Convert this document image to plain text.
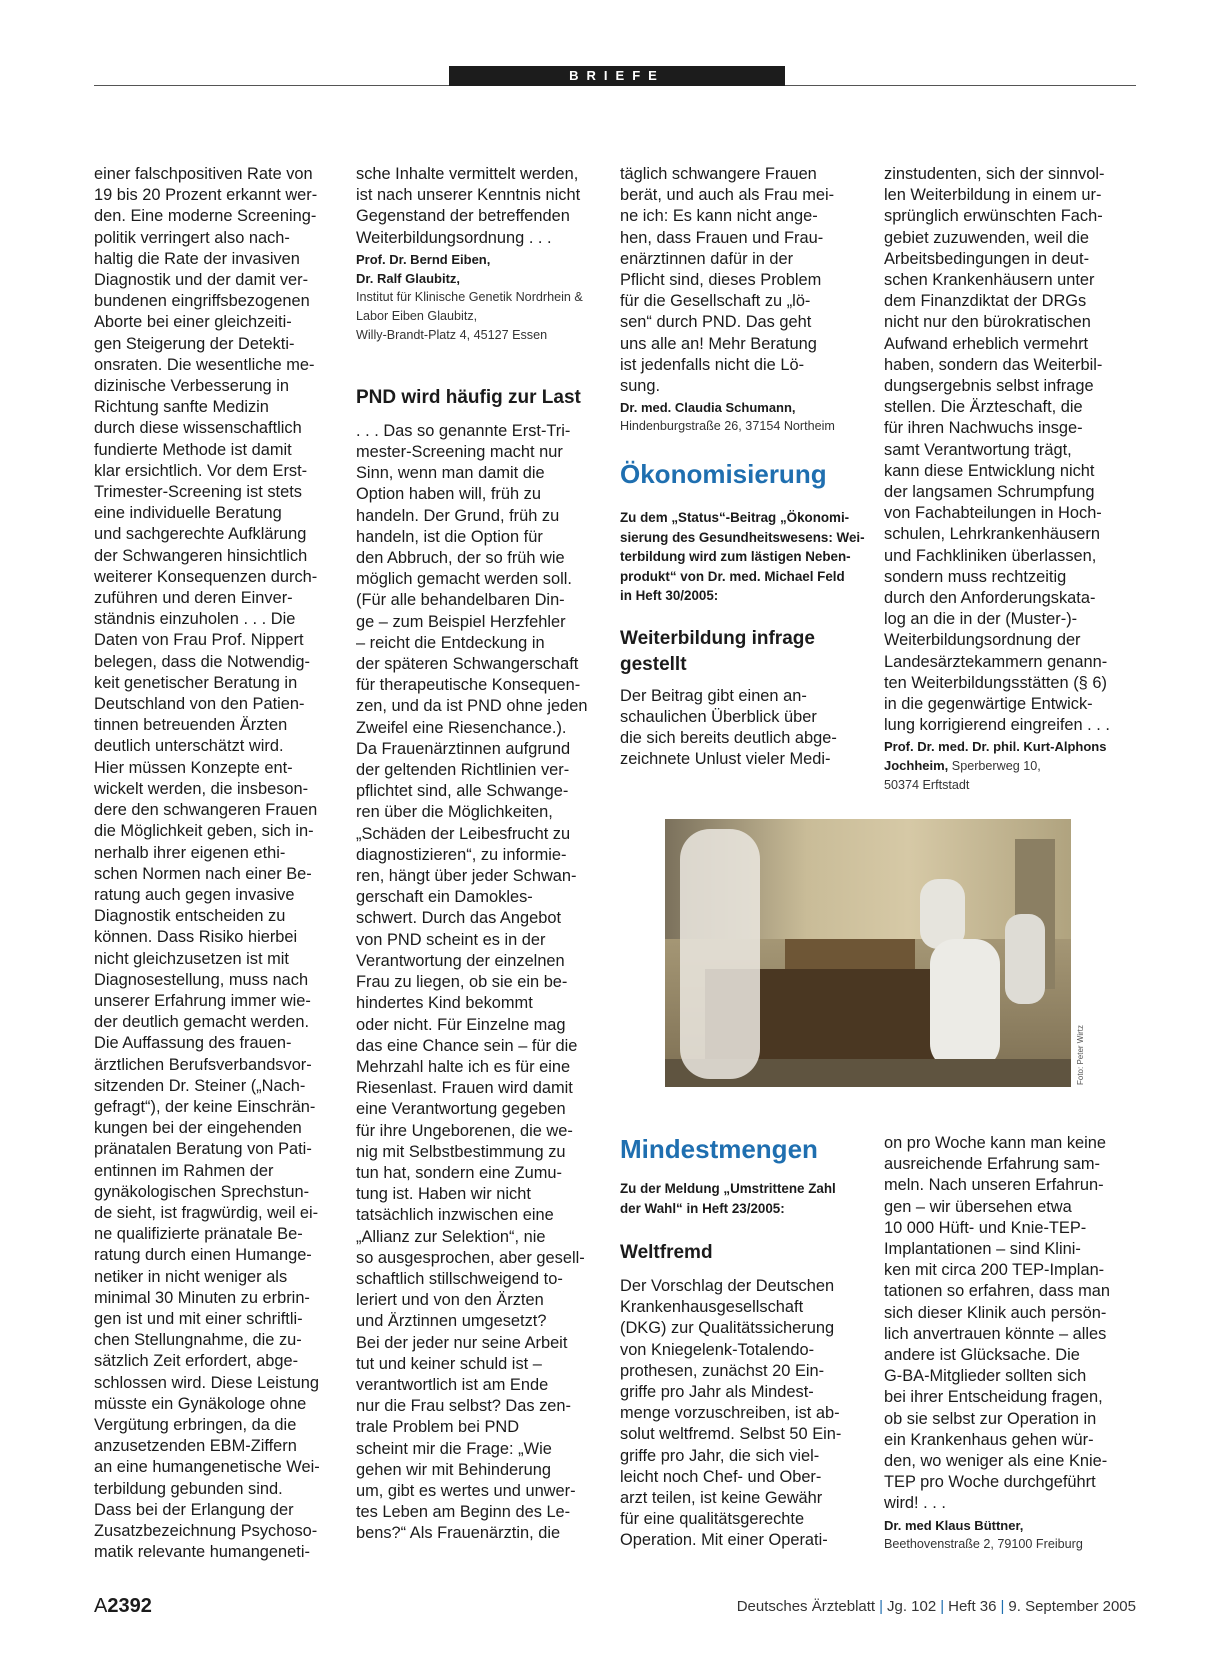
BRIEFE

einer falschpositiven Rate von
19 bis 20 Prozent erkannt wer-
den. Eine moderne Screening-
politik verringert also nach-
haltig die Rate der invasiven
Diagnostik und der damit ver-
bundenen eingriffsbezogenen
Aborte bei einer gleichzeiti-
gen Steigerung der Detekti-
onsraten. Die wesentliche me-
dizinische Verbesserung in
Richtung sanfte Medizin
durch diese wissenschaftlich
fundierte Methode ist damit
klar ersichtlich. Vor dem Erst-
Trimester-Screening ist stets
eine individuelle Beratung
und sachgerechte Aufklärung
der Schwangeren hinsichtlich
weiterer Konsequenzen durch-
zuführen und deren Einver-
ständnis einzuholen . . . Die
Daten von Frau Prof. Nippert
belegen, dass die Notwendig-
keit genetischer Beratung in
Deutschland von den Patien-
tinnen betreuenden Ärzten
deutlich unterschätzt wird.
Hier müssen Konzepte ent-
wickelt werden, die insbeson-
dere den schwangeren Frauen
die Möglichkeit geben, sich in-
nerhalb ihrer eigenen ethi-
schen Normen nach einer Be-
ratung auch gegen invasive
Diagnostik entscheiden zu
können. Dass Risiko hierbei
nicht gleichzusetzen ist mit
Diagnosestellung, muss nach
unserer Erfahrung immer wie-
der deutlich gemacht werden.
Die Auffassung des frauen-
ärztlichen Berufsverbandsvor-
sitzenden Dr. Steiner („Nach-
gefragt“), der keine Einschrän-
kungen bei der eingehenden
pränatalen Beratung von Pati-
entinnen im Rahmen der
gynäkologischen Sprechstun-
de sieht, ist fragwürdig, weil ei-
ne qualifizierte pränatale Be-
ratung durch einen Humange-
netiker in nicht weniger als
minimal 30 Minuten zu erbrin-
gen ist und mit einer schriftli-
chen Stellungnahme, die zu-
sätzlich Zeit erfordert, abge-
schlossen wird. Diese Leistung
müsste ein Gynäkologe ohne
Vergütung erbringen, da die
anzusetzenden EBM-Ziffern
an eine humangenetische Wei-
terbildung gebunden sind.
Dass bei der Erlangung der
Zusatzbezeichnung Psychoso-
matik relevante humangeneti-

sche Inhalte vermittelt werden,
ist nach unserer Kenntnis nicht
Gegenstand der betreffenden
Weiterbildungsordnung . . .

Prof. Dr. Bernd Eiben,

Dr. Ralf Glaubitz,

Institut für Klinische Genetik Nordrhein &

Labor Eiben Glaubitz,

Willy-Brandt-Platz 4, 45127 Essen

PND wird häufig zur Last

. . . Das so genannte Erst-Tri-
mester-Screening macht nur
Sinn, wenn man damit die
Option haben will, früh zu
handeln. Der Grund, früh zu
handeln, ist die Option für
den Abbruch, der so früh wie
möglich gemacht werden soll.
(Für alle behandelbaren Din-
ge – zum Beispiel Herzfehler
– reicht die Entdeckung in
der späteren Schwangerschaft
für therapeutische Konsequen-
zen, und da ist PND ohne jeden
Zweifel eine Riesenchance.).
Da Frauenärztinnen aufgrund
der geltenden Richtlinien ver-
pflichtet sind, alle Schwange-
ren über die Möglichkeiten,
„Schäden der Leibesfrucht zu
diagnostizieren“, zu informie-
ren, hängt über jeder Schwan-
gerschaft ein Damokles-
schwert. Durch das Angebot
von PND scheint es in der
Verantwortung der einzelnen
Frau zu liegen, ob sie ein be-
hindertes Kind bekommt
oder nicht. Für Einzelne mag
das eine Chance sein – für die
Mehrzahl halte ich es für eine
Riesenlast. Frauen wird damit
eine Verantwortung gegeben
für ihre Ungeborenen, die we-
nig mit Selbstbestimmung zu
tun hat, sondern eine Zumu-
tung ist. Haben wir nicht
tatsächlich inzwischen eine
„Allianz zur Selektion“, nie
so ausgesprochen, aber gesell-
schaftlich stillschweigend to-
leriert und von den Ärzten
und Ärztinnen umgesetzt?
Bei der jeder nur seine Arbeit
tut und keiner schuld ist –
verantwortlich ist am Ende
nur die Frau selbst? Das zen-
trale Problem bei PND
scheint mir die Frage: „Wie
gehen wir mit Behinderung
um, gibt es wertes und unwer-
tes Leben am Beginn des Le-
bens?“ Als Frauenärztin, die

täglich schwangere Frauen
berät, und auch als Frau mei-
ne ich: Es kann nicht ange-
hen, dass Frauen und Frau-
enärztinnen dafür in der
Pflicht sind, dieses Problem
für die Gesellschaft zu „lö-
sen“ durch PND. Das geht
uns alle an! Mehr Beratung
ist jedenfalls nicht die Lö-
sung.

Dr. med. Claudia Schumann,

Hindenburgstraße 26, 37154 Northeim

Ökonomisierung

Zu dem „Status“-Beitrag „Ökonomi-
sierung des Gesundheitswesens: Wei-
terbildung wird zum lästigen Neben-
produkt“ von Dr. med. Michael Feld
in Heft 30/2005:

Weiterbildung infrage
gestellt

Der Beitrag gibt einen an-
schaulichen Überblick über
die sich bereits deutlich abge-
zeichnete Unlust vieler Medi-

zinstudenten, sich der sinnvol-
len Weiterbildung in einem ur-
sprünglich erwünschten Fach-
gebiet zuzuwenden, weil die
Arbeitsbedingungen in deut-
schen Krankenhäusern unter
dem Finanzdiktat der DRGs
nicht nur den bürokratischen
Aufwand erheblich vermehrt
haben, sondern das Weiterbil-
dungsergebnis selbst infrage
stellen. Die Ärzteschaft, die
für ihren Nachwuchs insge-
samt Verantwortung trägt,
kann diese Entwicklung nicht
der langsamen Schrumpfung
von Fachabteilungen in Hoch-
schulen, Lehrkrankenhäusern
und Fachkliniken überlassen,
sondern muss rechtzeitig
durch den Anforderungskata-
log an die in der (Muster-)-
Weiterbildungsordnung der
Landesärztekammern genann-
ten Weiterbildungsstätten (§ 6)
in die gegenwärtige Entwick-
lung korrigierend eingreifen . . .

Prof. Dr. med. Dr. phil. Kurt-Alphons

Jochheim, Sperberweg 10,

50374 Erftstadt

Foto: Peter Wirtz

Mindestmengen

Zu der Meldung „Umstrittene Zahl
der Wahl“ in Heft 23/2005:

Weltfremd

Der Vorschlag der Deutschen
Krankenhausgesellschaft
(DKG) zur Qualitätssicherung
von Kniegelenk-Totalendo-
prothesen, zunächst 20 Ein-
griffe pro Jahr als Mindest-
menge vorzuschreiben, ist ab-
solut weltfremd. Selbst 50 Ein-
griffe pro Jahr, die sich viel-
leicht noch Chef- und Ober-
arzt teilen, ist keine Gewähr
für eine qualitätsgerechte
Operation. Mit einer Operati-

on pro Woche kann man keine
ausreichende Erfahrung sam-
meln. Nach unseren Erfahrun-
gen – wir übersehen etwa
10 000 Hüft- und Knie-TEP-
Implantationen – sind Klini-
ken mit circa 200 TEP-Implan-
tationen so erfahren, dass man
sich dieser Klinik auch persön-
lich anvertrauen könnte – alles
andere ist Glücksache. Die
G-BA-Mitglieder sollten sich
bei ihrer Entscheidung fragen,
ob sie selbst zur Operation in
ein Krankenhaus gehen wür-
den, wo weniger als eine Knie-
TEP pro Woche durchgeführt
wird! . . .

Dr. med Klaus Büttner,

Beethovenstraße 2, 79100 Freiburg

A2392	Deutsches Ärzteblatt | Jg. 102 | Heft 36 | 9. September 2005
